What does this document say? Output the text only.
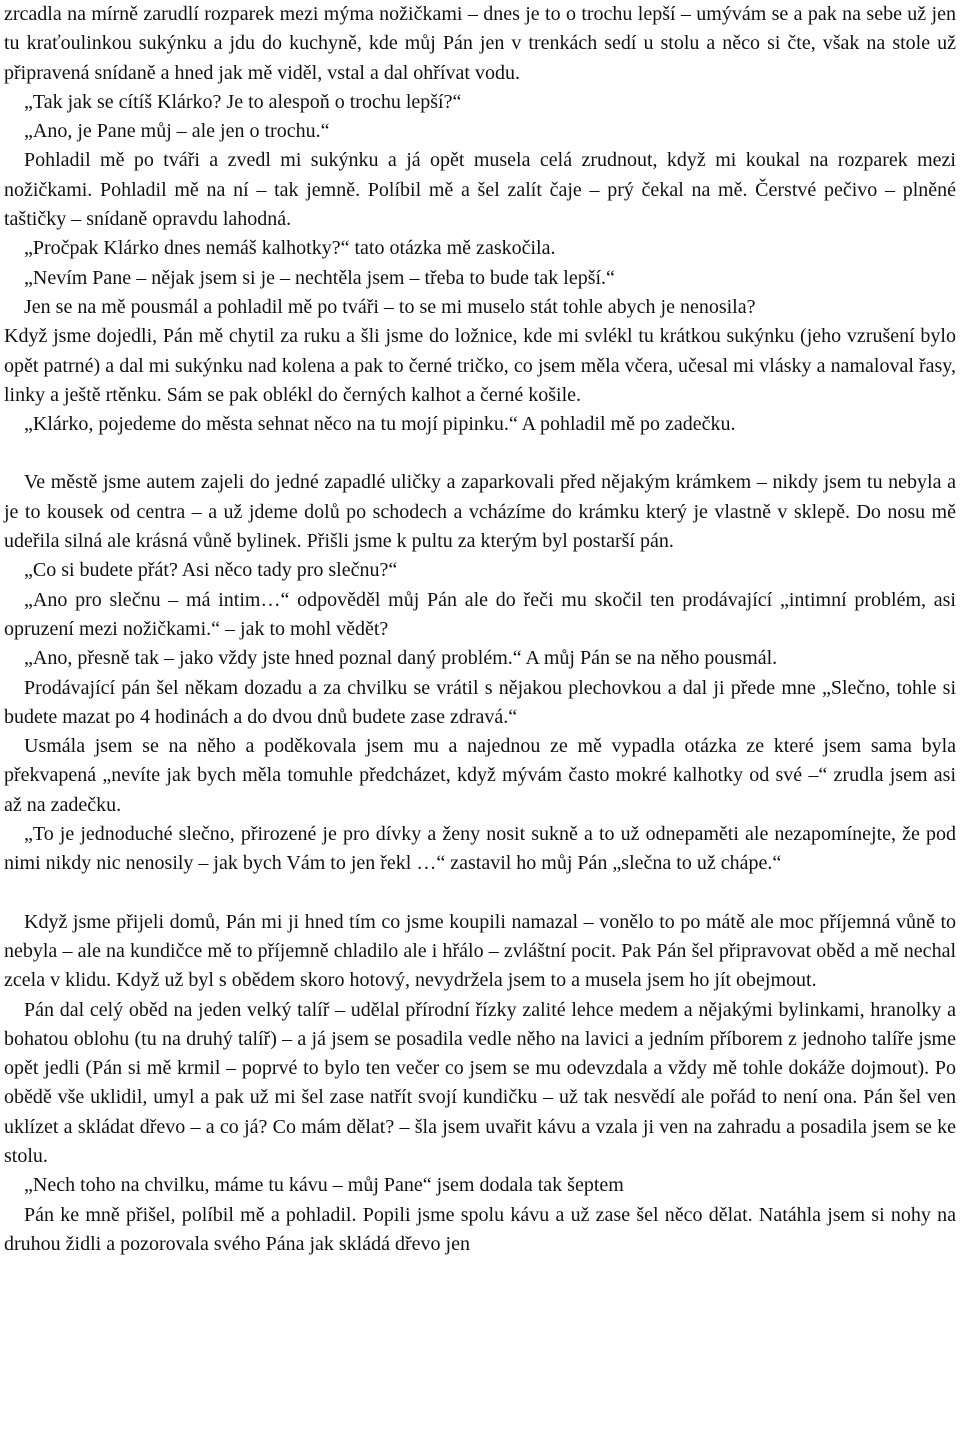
zrcadla na mírně zarudlí rozparek mezi mýma nožičkami – dnes je to o trochu lepší – umývám se a pak na sebe už jen tu kraťoulinkou sukýnku a jdu do kuchyně, kde můj Pán jen v trenkách sedí u stolu a něco si čte, však na stole už připravená snídaně a hned jak mě viděl, vstal a dal ohřívat vodu.

„Tak jak se cítíš Klárko? Je to alespoň o trochu lepší?“

„Ano, je Pane můj – ale jen o trochu.“

Pohladil mě po tváři a zvedl mi sukýnku a já opět musela celá zrudnout, když mi koukal na rozparek mezi nožičkami. Pohladil mě na ní – tak jemně. Políbil mě a šel zalít čaje – prý čekal na mě. Čerstvé pečivo – plněné taštičky – snídaně opravdu lahodná.

„Pročpak Klárko dnes nemáš kalhotky?“ tato otázka mě zaskočila.

„Nevím Pane – nějak jsem si je – nechtěla jsem – třeba to bude tak lepší.“

Jen se na mě pousmál a pohladil mě po tváři – to se mi muselo stát tohle abych je nenosila?

Když jsme dojedli, Pán mě chytil za ruku a šli jsme do ložnice, kde mi svlékl tu krátkou sukýnku (jeho vzrušení bylo opět patrné) a dal mi sukýnku nad kolena a pak to černé tričko, co jsem měla včera, učesal mi vlásky a namaloval řasy, linky a ještě rtěnku. Sám se pak oblékl do černých kalhot a černé košile.

„Klárko, pojedeme do města sehnat něco na tu mojí pipinku.“ A pohladil mě po zadečku.

Ve městě jsme autem zajeli do jedné zapadlé uličky a zaparkovali před nějakým krámkem – nikdy jsem tu nebyla a je to kousek od centra – a už jdeme dolů po schodech a vcházíme do krámku který je vlastně v sklepě. Do nosu mě udeřila silná ale krásná vůně bylinek. Přišli jsme k pultu za kterým byl postarší pán.

„Co si budete přát? Asi něco tady pro slečnu?“

„Ano pro slečnu – má intim…“ odpověděl můj Pán ale do řeči mu skočil ten prodávající „intimní problém, asi opruzení mezi nožičkami.“ – jak to mohl vědět?

„Ano, přesně tak – jako vždy jste hned poznal daný problém.“ A můj Pán se na něho pousmál.

Prodávající pán šel někam dozadu a za chvilku se vrátil s nějakou plechovkou a dal ji přede mne „Slečno, tohle si budete mazat po 4 hodinách a do dvou dnů budete zase zdravá.“

Usmála jsem se na něho a poděkovala jsem mu a najednou ze mě vypadla otázka ze které jsem sama byla překvapená „nevíte jak bych měla tomuhle předcházet, když mývám často mokré kalhotky od své –“ zrudla jsem asi až na zadečku.

„To je jednoduché slečno, přirozené je pro dívky a ženy nosit sukně a to už odnepaměti ale nezapomínejte, že pod nimi nikdy nic nenosily – jak bych Vám to jen řekl …“ zastavil ho můj Pán „slečna to už chápe.“

Když jsme přijeli domů, Pán mi ji hned tím co jsme koupili namazal – vonělo to po mátě ale moc příjemná vůně to nebyla – ale na kundičce mě to příjemně chladilo ale i hřálo – zvláštní pocit. Pak Pán šel připravovat oběd a mě nechal zcela v klidu. Když už byl s obědem skoro hotový, nevydržela jsem to a musela jsem ho jít obejmout.

Pán dal celý oběd na jeden velký talíř – udělal přírodní řízky zalité lehce medem a nějakými bylinkami, hranolky a bohatou oblohu (tu na druhý talíř) – a já jsem se posadila vedle něho na lavici a jedním příborem z jednoho talíře jsme opět jedli (Pán si mě krmil – poprvé to bylo ten večer co jsem se mu odevzdala a vždy mě tohle dokáže dojmout). Po obědě vše uklidil, umyl a pak už mi šel zase natřít svojí kundičku – už tak nesvědí ale pořád to není ona. Pán šel ven uklízet a skládat dřevo – a co já? Co mám dělat? – šla jsem uvařit kávu a vzala ji ven na zahradu a posadila jsem se ke stolu.

„Nech toho na chvilku, máme tu kávu – můj Pane“ jsem dodala tak šeptem

Pán ke mně přišel, políbil mě a pohladil. Popili jsme spolu kávu a už zase šel něco dělat. Natáhla jsem si nohy na druhou židli a pozorovala svého Pána jak skládá dřevo jen
